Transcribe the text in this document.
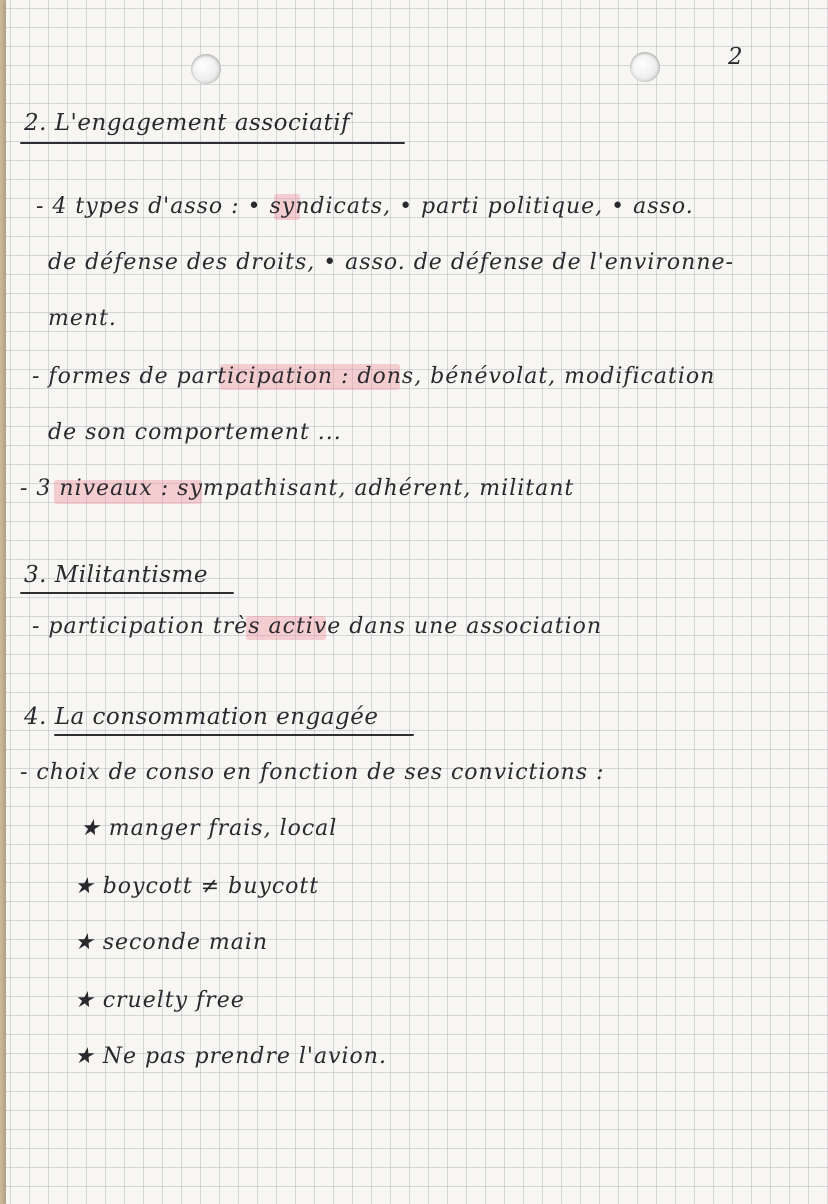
2
2. L'engagement associatif
- 4 types d'asso : • syndicats, • parti politique, • asso.
de défense des droits, • asso. de défense de l'environne-
ment.
- formes de participation : dons, bénévolat, modification
de son comportement ...
- 3 niveaux : sympathisant, adhérent, militant
3. Militantisme
- participation très active dans une association
4. La consommation engagée
- choix de conso en fonction de ses convictions :
★ manger frais, local
★ boycott ≠ buycott
★ seconde main
★ cruelty free
★ Ne pas prendre l'avion.
